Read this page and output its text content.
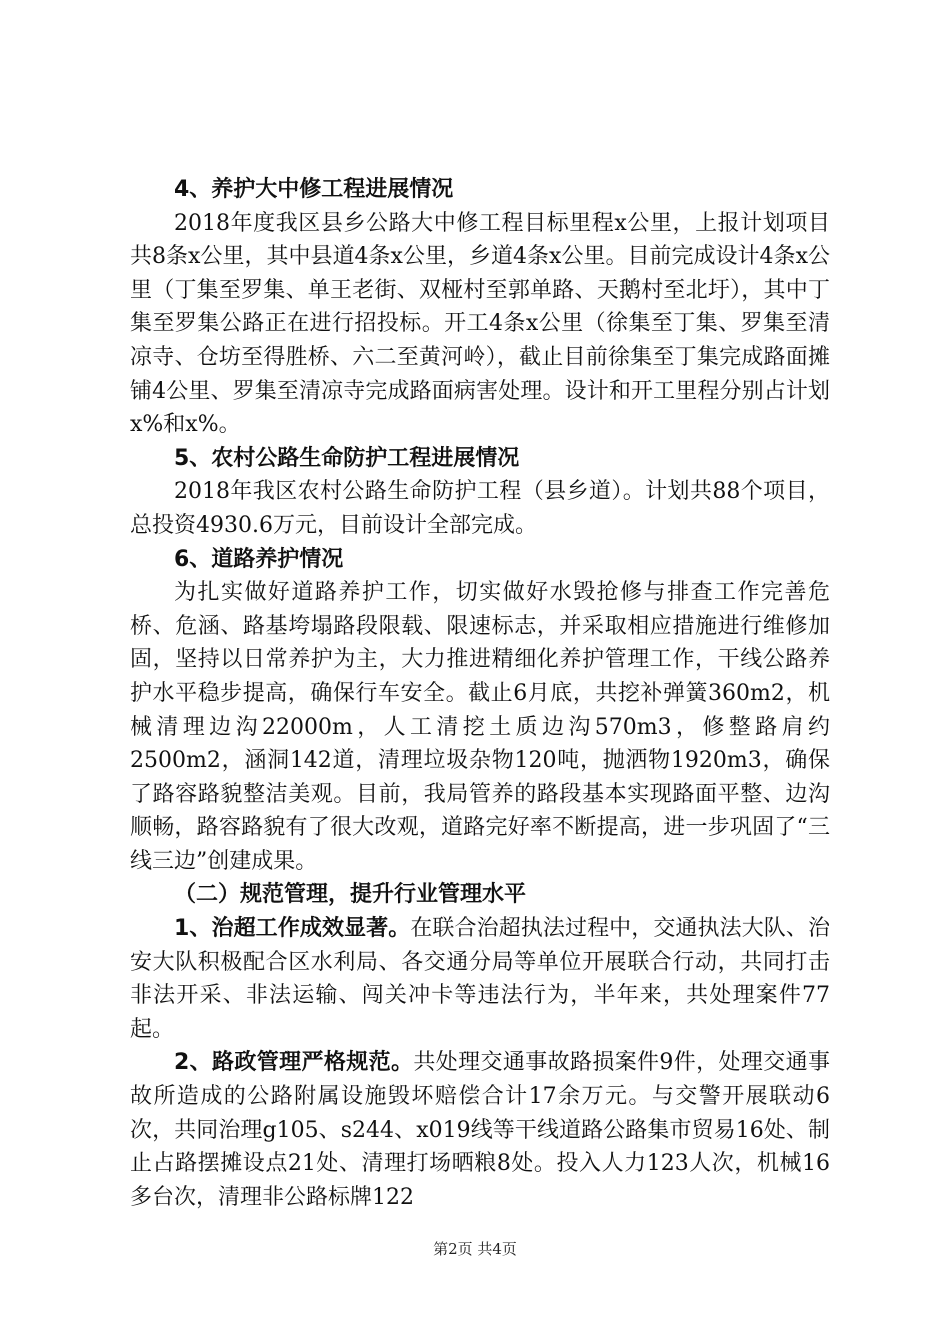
4、养护大中修工程进展情况

2018年度我区县乡公路大中修工程目标里程x公里，上报计划项目共8条x公里，其中县道4条x公里，乡道4条x公里。目前完成设计4条x公里（丁集至罗集、单王老街、双桠村至郭单路、天鹅村至北圩），其中丁集至罗集公路正在进行招投标。开工4条x公里（徐集至丁集、罗集至清凉寺、仓坊至得胜桥、六二至黄河岭），截止目前徐集至丁集完成路面摊铺4公里、罗集至清凉寺完成路面病害处理。设计和开工里程分别占计划x%和x%。

5、农村公路生命防护工程进展情况

2018年我区农村公路生命防护工程（县乡道）。计划共88个项目，总投资4930.6万元，目前设计全部完成。

6、道路养护情况

为扎实做好道路养护工作，切实做好水毁抢修与排查工作完善危桥、危涵、路基垮塌路段限载、限速标志，并采取相应措施进行维修加固，坚持以日常养护为主，大力推进精细化养护管理工作，干线公路养护水平稳步提高，确保行车安全。截止6月底，共挖补弹簧360m2，机械清理边沟22000m，人工清挖土质边沟570m3，修整路肩约2500m2，涵洞142道，清理垃圾杂物120吨，抛洒物1920m3，确保了路容路貌整洁美观。目前，我局管养的路段基本实现路面平整、边沟顺畅，路容路貌有了很大改观，道路完好率不断提高，进一步巩固了“三线三边”创建成果。

（二）规范管理，提升行业管理水平

1、治超工作成效显著。在联合治超执法过程中，交通执法大队、治安大队积极配合区水利局、各交通分局等单位开展联合行动，共同打击非法开采、非法运输、闯关冲卡等违法行为，半年来，共处理案件77起。

2、路政管理严格规范。共处理交通事故路损案件9件，处理交通事故所造成的公路附属设施毁坏赔偿合计17余万元。与交警开展联动6次，共同治理g105、s244、x019线等干线道路公路集市贸易16处、制止占路摆摊设点21处、清理打场晒粮8处。投入人力123人次，机械16多台次，清理非公路标牌122

第2页 共4页
